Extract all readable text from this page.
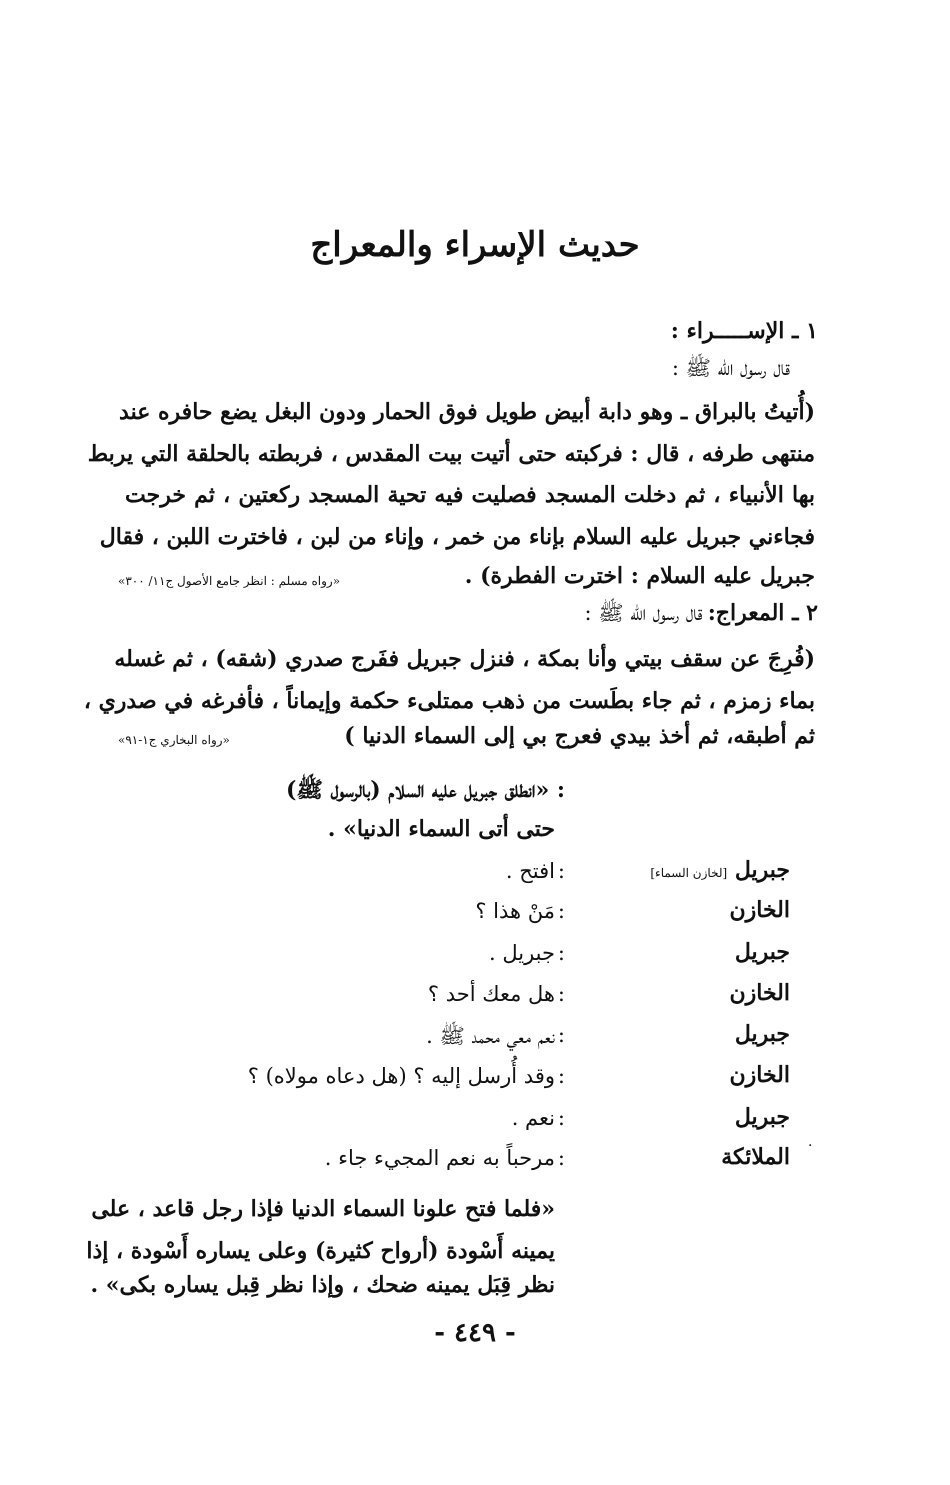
حديث الإسراء والمعراج
١ ـ الإســـــراء :
قال رسول الله ﷺ :
(أُتيتُ بالبراق ـ وهو دابة أبيض طويل فوق الحمار ودون البغل يضع حافره عند
منتهى طرفه ، قال : فركبته حتى أتيت بيت المقدس ، فربطته بالحلقة التي يربط
بها الأنبياء ، ثم دخلت المسجد فصليت فيه تحية المسجد ركعتين ، ثم خرجت
فجاءني جبريل عليه السلام بإناء من خمر ، وإناء من لبن ، فاخترت اللبن ، فقال
جبريل عليه السلام : اخترت الفطرة) .
«رواه مسلم : انظر جامع الأصول ج١١/ ٣٠٠»
٢ ـ المعراج: قال رسول الله ﷺ :
(فُرِجَ عن سقف بيتي وأنا بمكة ، فنزل جبريل ففَرج صدري (شقه) ، ثم غسله
بماء زمزم ، ثم جاء بطَست من ذهب ممتلىء حكمة وإيماناً ، فأفرغه في صدري ،
ثم أطبقه، ثم أخذ بيدي فعرج بي إلى السماء الدنيا )
«رواه البخاري ج١-٩١»
: «انطلق جبريل عليه السلام (بالرسول ﷺ)
حتى أتى السماء الدنيا» .
جبريل [لخازن السماء]
:
افتح .
الخازن
:
مَنْ هذا ؟
جبريل
:
جبريل .
الخازن
:
هل معك أحد ؟
جبريل
:
نعم معي محمد ﷺ .
الخازن
:
وقد أُرسل إليه ؟ (هل دعاه مولاه) ؟
جبريل
:
نعم .
الملائكة
:
مرحباً به نعم المجيء جاء .	·
«فلما فتح علونا السماء الدنيا فإذا رجل قاعد ، على
يمينه أَسْودة (أرواح كثيرة) وعلى يساره أَسْودة ، إذا
نظر قِبَل يمينه ضحك ، وإذا نظر قِبل يساره بكى» .
- ٤٤٩ -
